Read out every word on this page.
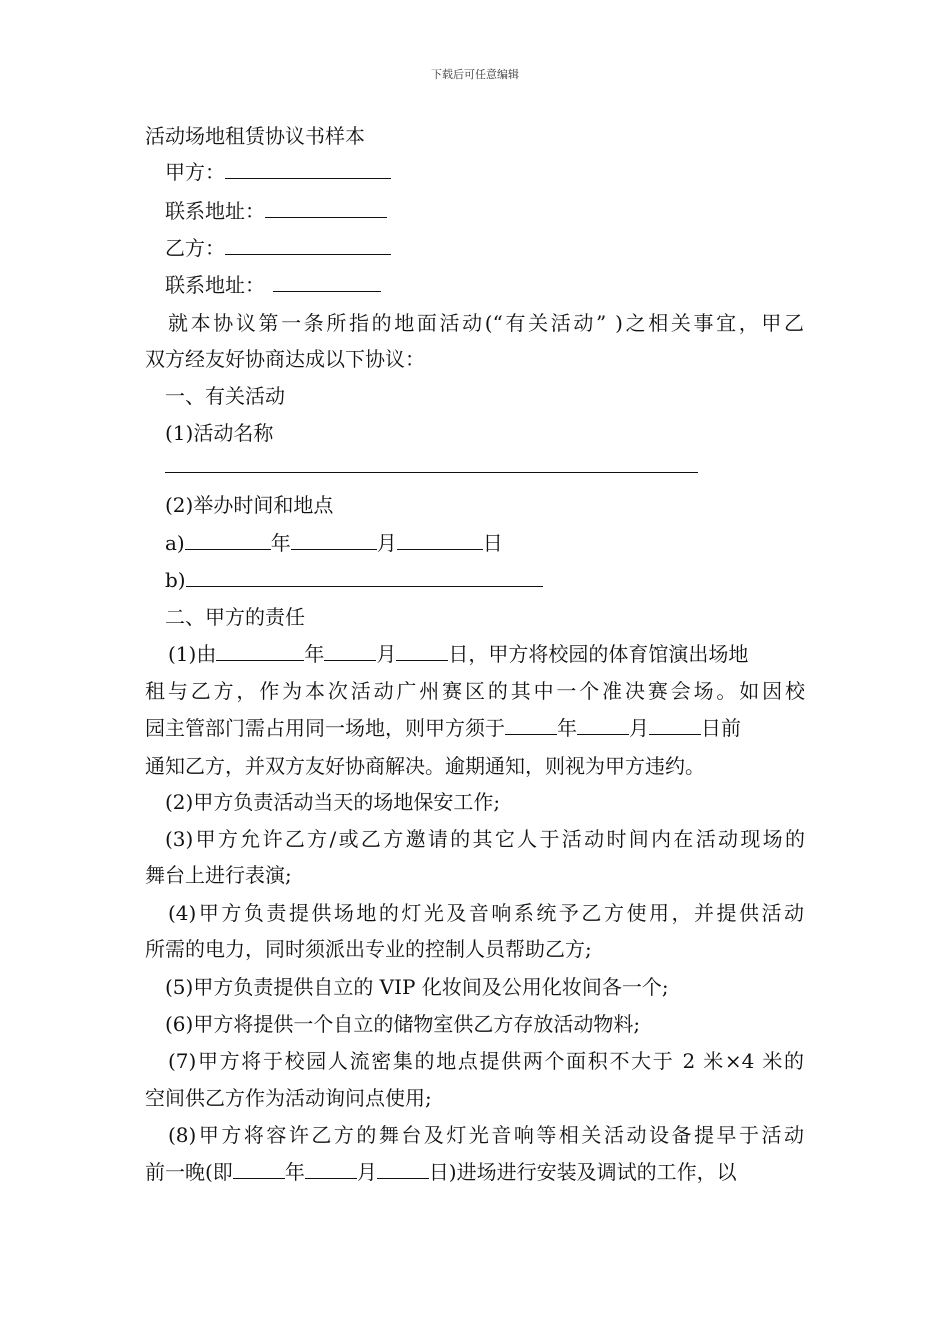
下载后可任意编辑
活动场地租赁协议书样本
甲方：
联系地址：
乙方：
联系地址：
就本协议第一条所指的地面活动(“有关活动” )之相关事宜，甲乙
双方经友好协商达成以下协议：
一、有关活动
(1)活动名称
(2)举办时间和地点
a)	年	月	日
b)
二、甲方的责任
(1)由	年	月	日，甲方将校园的体育馆演出场地
租与乙方，作为本次活动广州赛区的其中一个准决赛会场。如因校
园主管部门需占用同一场地，则甲方须于	年	月	日前
通知乙方，并双方友好协商解决。逾期通知，则视为甲方违约。
(2)甲方负责活动当天的场地保安工作;
(3)甲方允许乙方/或乙方邀请的其它人于活动时间内在活动现场的
舞台上进行表演;
(4)甲方负责提供场地的灯光及音响系统予乙方使用，并提供活动
所需的电力，同时须派出专业的控制人员帮助乙方;
(5)甲方负责提供自立的 VIP 化妆间及公用化妆间各一个;
(6)甲方将提供一个自立的储物室供乙方存放活动物料;
(7)甲方将于校园人流密集的地点提供两个面积不大于 2 米×4 米的
空间供乙方作为活动询问点使用;
(8)甲方将容许乙方的舞台及灯光音响等相关活动设备提早于活动
前一晚(即	年	月	日)进场进行安装及调试的工作，以
